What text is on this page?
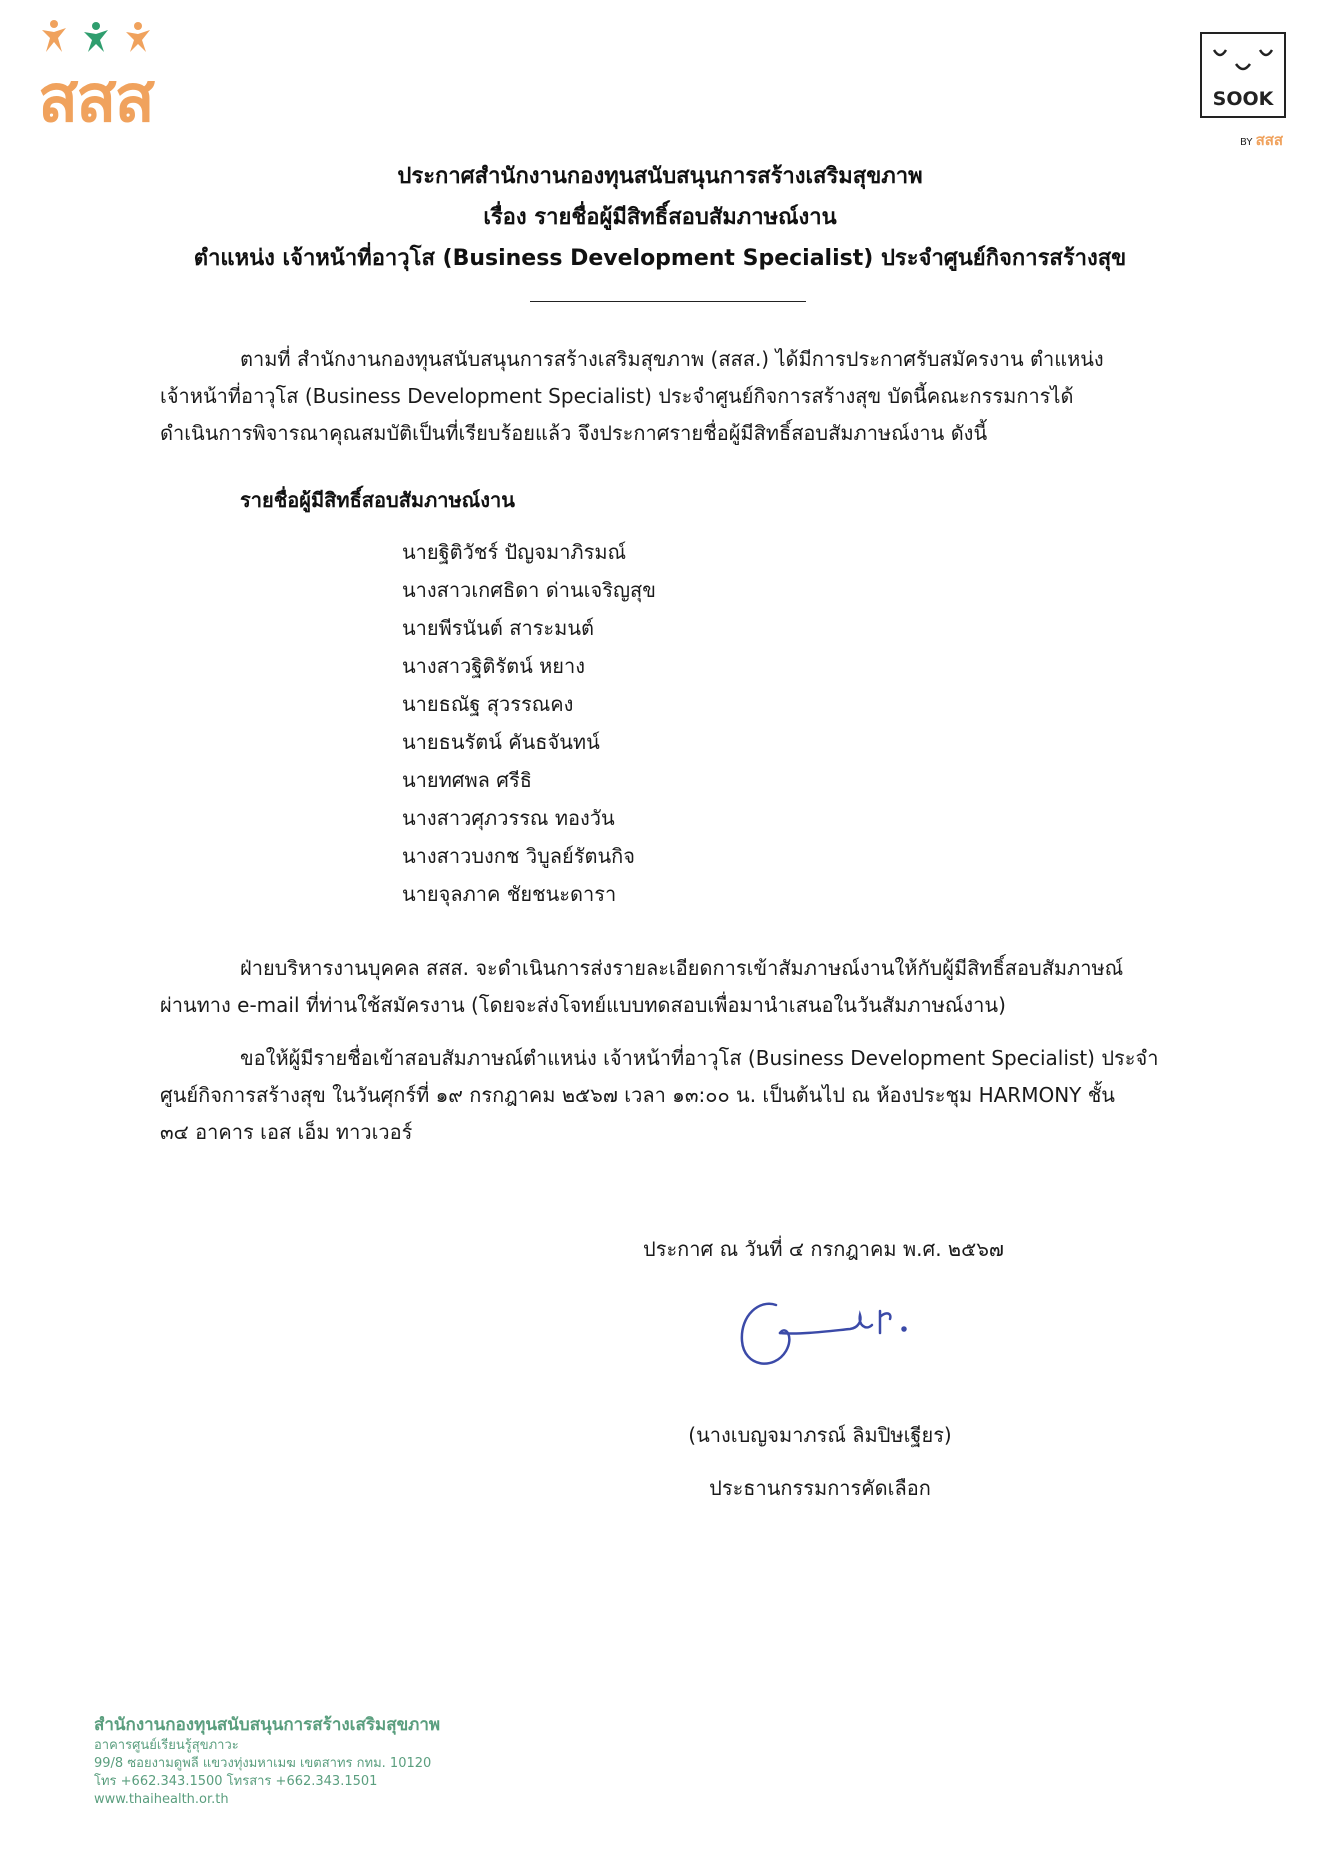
สสส	SOOK
BY สสส
ประกาศสำนักงานกองทุนสนับสนุนการสร้างเสริมสุขภาพ
เรื่อง รายชื่อผู้มีสิทธิ์สอบสัมภาษณ์งาน
ตำแหน่ง เจ้าหน้าที่อาวุโส (Business Development Specialist) ประจำศูนย์กิจการสร้างสุข
ตามที่ สำนักงานกองทุนสนับสนุนการสร้างเสริมสุขภาพ (สสส.) ได้มีการประกาศรับสมัครงาน ตำแหน่ง
เจ้าหน้าที่อาวุโส (Business Development Specialist) ประจำศูนย์กิจการสร้างสุข บัดนี้คณะกรรมการได้
ดำเนินการพิจารณาคุณสมบัติเป็นที่เรียบร้อยแล้ว จึงประกาศรายชื่อผู้มีสิทธิ์สอบสัมภาษณ์งาน ดังนี้
รายชื่อผู้มีสิทธิ์สอบสัมภาษณ์งาน
นายฐิติวัชร์ ปัญจมาภิรมณ์
นางสาวเกศธิดา ด่านเจริญสุข
นายพีรนันต์ สาระมนต์
นางสาวฐิติรัตน์ หยาง
นายธณัฐ สุวรรณคง
นายธนรัตน์ คันธจันทน์
นายทศพล ศรีธิ
นางสาวศุภวรรณ ทองวัน
นางสาวบงกช วิบูลย์รัตนกิจ
นายจุลภาค ชัยชนะดารา
ฝ่ายบริหารงานบุคคล สสส. จะดำเนินการส่งรายละเอียดการเข้าสัมภาษณ์งานให้กับผู้มีสิทธิ์สอบสัมภาษณ์
ผ่านทาง e-mail ที่ท่านใช้สมัครงาน (โดยจะส่งโจทย์แบบทดสอบเพื่อมานำเสนอในวันสัมภาษณ์งาน)
ขอให้ผู้มีรายชื่อเข้าสอบสัมภาษณ์ตำแหน่ง เจ้าหน้าที่อาวุโส (Business Development Specialist) ประจำ
ศูนย์กิจการสร้างสุข ในวันศุกร์ที่ ๑๙ กรกฎาคม ๒๕๖๗ เวลา ๑๓:๐๐ น. เป็นต้นไป ณ ห้องประชุม HARMONY ชั้น
๓๔ อาคาร เอส เอ็ม ทาวเวอร์
ประกาศ ณ วันที่ ๔ กรกฎาคม พ.ศ. ๒๕๖๗
(นางเบญจมาภรณ์ ลิมปิษเฐียร)
ประธานกรรมการคัดเลือก
สำนักงานกองทุนสนับสนุนการสร้างเสริมสุขภาพ
อาคารศูนย์เรียนรู้สุขภาวะ
99/8 ซอยงามดูพลี แขวงทุ่งมหาเมฆ เขตสาทร กทม. 10120
โทร +662.343.1500 โทรสาร +662.343.1501
www.thaihealth.or.th
